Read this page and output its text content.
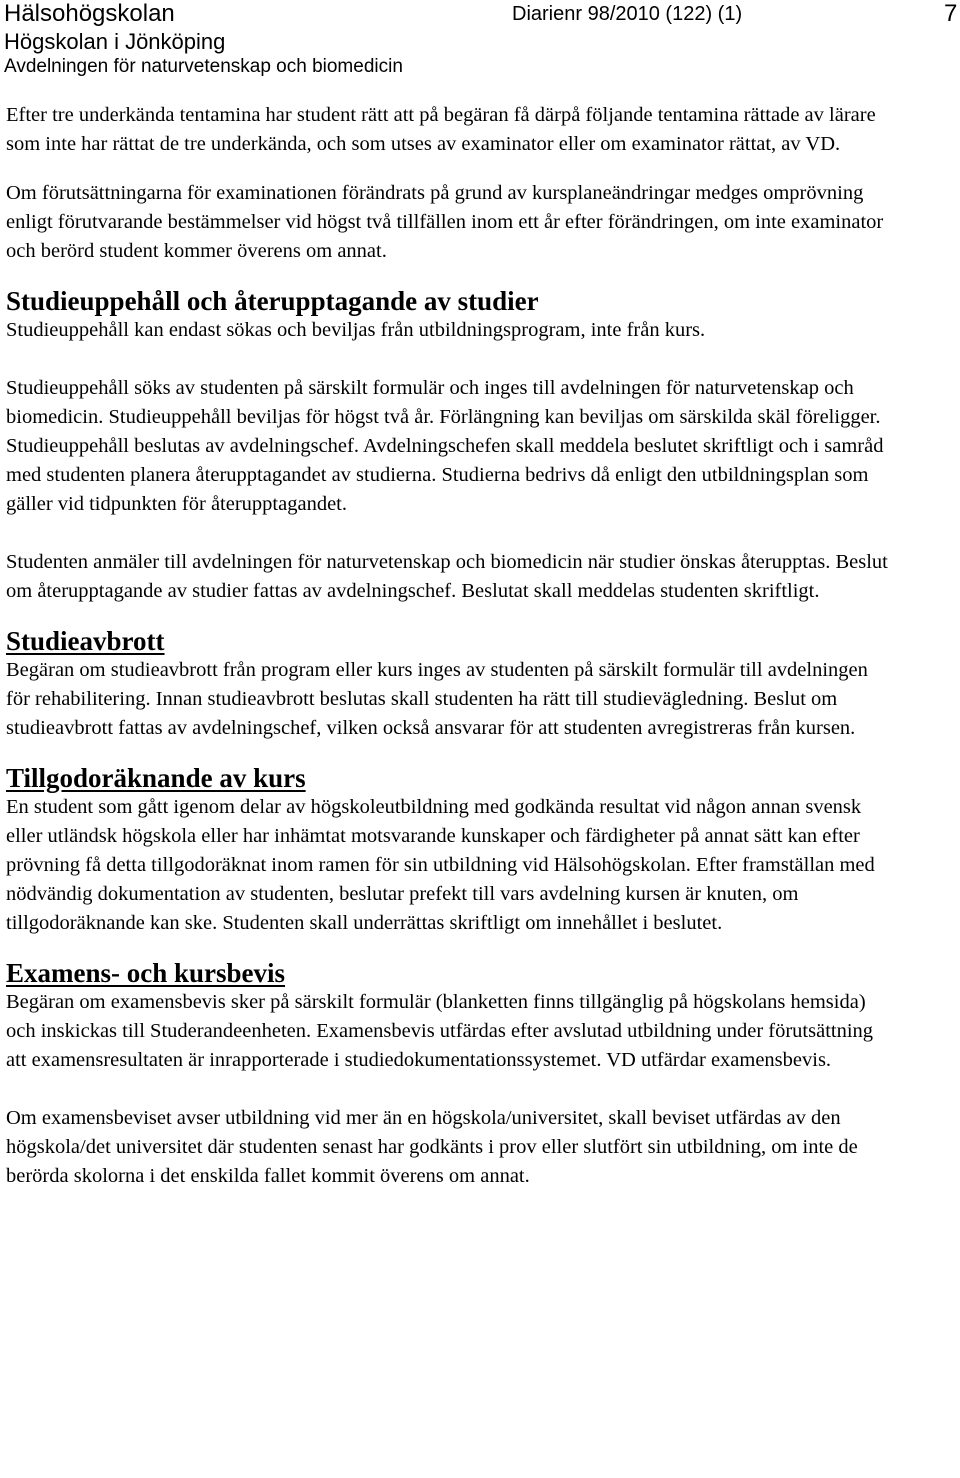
Hälsohögskolan
Högskolan i Jönköping
Avdelningen för naturvetenskap och biomedicin
Diarienr 98/2010 (122) (1)	7

Efter tre underkända tentamina har student rätt att på begäran få därpå följande tentamina rättade av lärare som inte har rättat de tre underkända, och som utses av examinator eller om examinator rättat, av VD.

Om förutsättningarna för examinationen förändrats på grund av kursplaneändringar medges omprövning enligt förutvarande bestämmelser vid högst två tillfällen inom ett år efter förändringen, om inte examinator och berörd student kommer överens om annat.

Studieuppehåll och återupptagande av studier

Studieuppehåll kan endast sökas och beviljas från utbildningsprogram, inte från kurs.

Studieuppehåll söks av studenten på särskilt formulär och inges till avdelningen för naturvetenskap och biomedicin. Studieuppehåll beviljas för högst två år. Förlängning kan beviljas om särskilda skäl föreligger. Studieuppehåll beslutas av avdelningschef. Avdelningschefen skall meddela beslutet skriftligt och i samråd med studenten planera återupptagandet av studierna. Studierna bedrivs då enligt den utbildningsplan som gäller vid tidpunkten för återupptagandet.

Studenten anmäler till avdelningen för naturvetenskap och biomedicin när studier önskas återupptas. Beslut om återupptagande av studier fattas av avdelningschef. Beslutat skall meddelas studenten skriftligt.

Studieavbrott

Begäran om studieavbrott från program eller kurs inges av studenten på särskilt formulär till avdelningen för rehabilitering. Innan studieavbrott beslutas skall studenten ha rätt till studievägledning. Beslut om studieavbrott fattas av avdelningschef, vilken också ansvarar för att studenten avregistreras från kursen.

Tillgodoräknande av kurs

En student som gått igenom delar av högskoleutbildning med godkända resultat vid någon annan svensk eller utländsk högskola eller har inhämtat motsvarande kunskaper och färdigheter på annat sätt kan efter prövning få detta tillgodoräknat inom ramen för sin utbildning vid Hälsohögskolan. Efter framställan med nödvändig dokumentation av studenten, beslutar prefekt till vars avdelning kursen är knuten, om tillgodoräknande kan ske. Studenten skall underrättas skriftligt om innehållet i beslutet.

Examens- och kursbevis

Begäran om examensbevis sker på särskilt formulär (blanketten finns tillgänglig på högskolans hemsida) och inskickas till Studerandeenheten. Examensbevis utfärdas efter avslutad utbildning under förutsättning att examensresultaten är inrapporterade i studiedokumentationssystemet. VD utfärdar examensbevis.

Om examensbeviset avser utbildning vid mer än en högskola/universitet, skall beviset utfärdas av den högskola/det universitet där studenten senast har godkänts i prov eller slutfört sin utbildning, om inte de berörda skolorna i det enskilda fallet kommit överens om annat.
